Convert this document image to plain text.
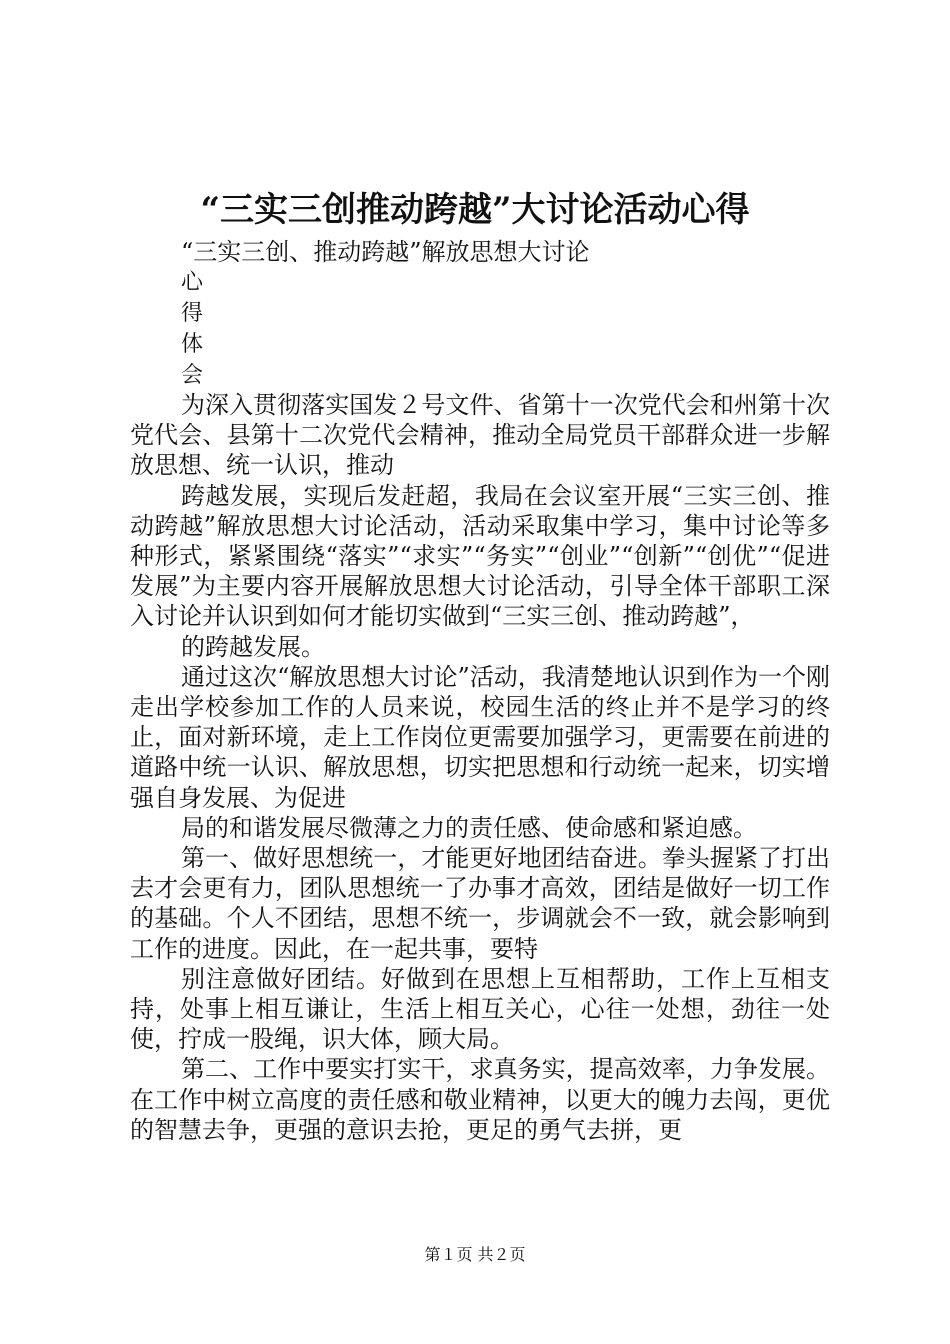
“三实三创推动跨越”大讨论活动心得
“三实三创、推动跨越”解放思想大讨论
心
得
体
会

为深入贯彻落实国发２号文件、省第十一次党代会和州第十次党代会、县第十二次党代会精神，推动全局党员干部群众进一步解放思想、统一认识，推动

跨越发展，实现后发赶超，我局在会议室开展“三实三创、推动跨越”解放思想大讨论活动，活动采取集中学习，集中讨论等多种形式，紧紧围绕“落实”“求实”“务实”“创业”“创新”“创优”“促进发展”为主要内容开展解放思想大讨论活动，引导全体干部职工深入讨论并认识到如何才能切实做到“三实三创、推动跨越”，

的跨越发展。

通过这次“解放思想大讨论”活动，我清楚地认识到作为一个刚走出学校参加工作的人员来说，校园生活的终止并不是学习的终止，面对新环境，走上工作岗位更需要加强学习，更需要在前进的道路中统一认识、解放思想，切实把思想和行动统一起来，切实增强自身发展、为促进

局的和谐发展尽微薄之力的责任感、使命感和紧迫感。

第一、做好思想统一，才能更好地团结奋进。拳头握紧了打出去才会更有力，团队思想统一了办事才高效，团结是做好一切工作的基础。个人不团结，思想不统一，步调就会不一致，就会影响到工作的进度。因此，在一起共事，要特

别注意做好团结。好做到在思想上互相帮助，工作上互相支持，处事上相互谦让，生活上相互关心，心往一处想，劲往一处使，拧成一股绳，识大体，顾大局。

第二、工作中要实打实干，求真务实，提高效率，力争发展。在工作中树立高度的责任感和敬业精神，以更大的魄力去闯，更优的智慧去争，更强的意识去抢，更足的勇气去拼，更

第１页 共２页
